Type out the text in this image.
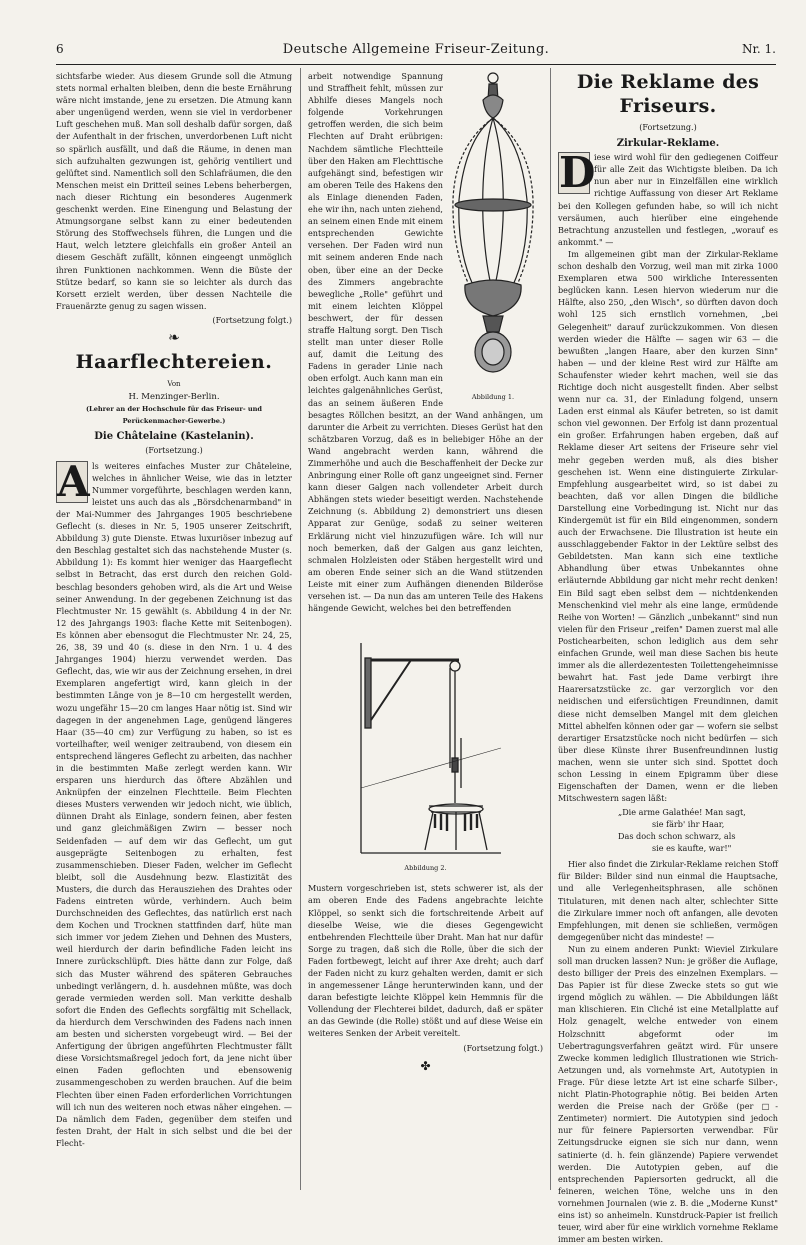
6	Deutsche Allgemeine Friseur-Zeitung.	Nr. 1.

sichtsfarbe wieder. Aus diesem Grunde soll die Atmung stets normal erhalten bleiben, denn die beste Ernährung wäre nicht imstande, jene zu ersetzen. Die Atmung kann aber ungenügend werden, wenn sie viel in verdorbener Luft geschehen muß. Man soll deshalb dafür sorgen, daß der Aufenthalt in der frischen, unverdorbenen Luft nicht so spärlich ausfällt, und daß die Räume, in denen man sich aufzuhalten gezwungen ist, gehörig ventiliert und gelüftet sind. Namentlich soll den Schlafräumen, die den Menschen meist ein Dritteil seines Lebens beherbergen, nach dieser Richtung ein besonderes Augenmerk geschenkt werden. Eine Einengung und Belastung der Atmungsorgane selbst kann zu einer bedeutenden Störung des Stoffwechsels führen, die Lungen und die Haut, welch letztere gleichfalls ein großer Anteil an diesem Geschäft zufällt, können eingeengt unmöglich ihren Funktionen nachkommen. Wenn die Büste der Stütze bedarf, so kann sie so leichter als durch das Korsett erzielt werden, über dessen Nachteile die Frauenärzte genug zu sagen wissen.

(Fortsetzung folgt.)
❧
Haarflechtereien.
Von
H. Menzinger-Berlin.
(Lehrer an der Hochschule für das Friseur- und Perückenmacher-Gewerbe.)
Die Châtelaine (Kastelanin).
(Fortsetzung.)

A ls weiteres einfaches Muster zur Châteleine, welches in ähnlicher Weise, wie das in letzter Nummer vorgeführte, beschlagen werden kann, leistet uns auch das als „Börsdchenarmband" in der Mai-Nummer des Jahrganges 1905 beschriebene Geflecht (s. dieses in Nr. 5, 1905 unserer Zeitschrift, Abbildung 3) gute Dienste. Etwas luxuriöser inbezug auf den Beschlag gestaltet sich das nachstehende Muster (s. Abbildung 1): Es kommt hier weniger das Haargeflecht selbst in Betracht, das erst durch den reichen Gold-beschlag besonders gehoben wird, als die Art und Weise seiner Anwendung. In der gegebenen Zeichnung ist das Flechtmuster Nr. 15 gewählt (s. Abbildung 4 in der Nr. 12 des Jahrgangs 1903: flache Kette mit Seitenbogen). Es können aber ebensogut die Flechtmuster Nr. 24, 25, 26, 38, 39 und 40 (s. diese in den Nrn. 1 u. 4 des Jahrganges 1904) hierzu verwendet werden. Das Geflecht, das, wie wir aus der Zeichnung ersehen, in drei Exemplaren angefertigt wird, kann gleich in der bestimmten Länge von je 8—10 cm hergestellt werden, wozu ungefähr 15—20 cm langes Haar nötig ist. Sind wir dagegen in der angenehmen Lage, genügend längeres Haar (35—40 cm) zur Verfügung zu haben, so ist es vorteilhafter, weil weniger zeitraubend, von diesem ein entsprechend längeres Geflecht zu arbeiten, das nachher in die bestimmten Maße zerlegt werden kann. Wir ersparen uns hierdurch das öftere Abzählen und Anknüpfen der einzelnen Flechtteile. Beim Flechten dieses Musters verwenden wir jedoch nicht, wie üblich, dünnen Draht als Einlage, sondern feinen, aber festen und ganz gleichmäßigen Zwirn — besser noch Seidenfaden — auf dem wir das Geflecht, um gut ausgeprägte Seitenbogen zu erhalten, fest zusammenschieben. Dieser Faden, welcher im Geflecht bleibt, soll die Ausdehnung bezw. Elastizität des Musters, die durch das Herausziehen des Drahtes oder Fadens eintreten würde, verhindern. Auch beim Durchschneiden des Geflechtes, das natürlich erst nach dem Kochen und Trocknen stattfinden darf, hüte man sich immer vor jedem Ziehen und Dehnen des Musters, weil hierdurch der darin befindliche Faden leicht ins Innere zurückschlüpft. Dies hätte dann zur Folge, daß sich das Muster während des späteren Gebrauches unbedingt verlängern, d. h. ausdehnen müßte, was doch gerade vermieden werden soll. Man verkitte deshalb sofort die Enden des Geflechts sorgfältig mit Schellack, da hierdurch dem Verschwinden des Fadens nach innen am besten und sichersten vorgebeugt wird. — Bei der Anfertigung der übrigen angeführten Flechtmuster fällt diese Vorsichtsmaßregel jedoch fort, da jene nicht über einen Faden geflochten und ebensowenig zusammengeschoben zu werden brauchen. Auf die beim Flechten über einen Faden erforderlichen Vorrichtungen will ich nun des weiteren noch etwas näher eingehen. — Da nämlich dem Faden, gegenüber dem steifen und festen Draht, der Halt in sich selbst und die bei der Flecht-

Abbildung 1.
arbeit notwendige Spannung und Straffheit fehlt, müssen zur Abhilfe dieses Mangels noch folgende Vorkehrungen getroffen werden, die sich beim Flechten auf Draht erübrigen: Nachdem sämtliche Flechtteile über den Haken am Flechttische aufgehängt sind, befestigen wir am oberen Teile des Hakens den als Einlage dienenden Faden, ehe wir ihn, nach unten ziehend, an seinem einen Ende mit einem entsprechenden Gewichte versehen. Der Faden wird nun mit seinem anderen Ende nach oben, über eine an der Decke des Zimmers angebrachte bewegliche „Rolle" geführt und mit einem leichten Klöppel beschwert, der für dessen straffe Haltung sorgt. Den Tisch stellt man unter dieser Rolle auf, damit die Leitung des Fadens in gerader Linie nach oben erfolgt. Auch kann man ein leichtes galgenähnliches Gerüst, das an seinem äußeren Ende besagtes Röllchen besitzt, an der Wand anhängen, um darunter die Arbeit zu verrichten. Dieses Gerüst hat den schätzbaren Vorzug, daß es in beliebiger Höhe an der Wand angebracht werden kann, während die Zimmerhöhe und auch die Beschaffenheit der Decke zur Anbringung einer Rolle oft ganz ungeeignet sind. Ferner kann dieser Galgen nach vollendeter Arbeit durch Abhängen stets wieder beseitigt werden. Nachstehende Zeichnung (s. Abbildung 2) demonstriert uns diesen Apparat zur Genüge, sodaß zu seiner weiteren Erklärung nicht viel hinzuzufügen wäre. Ich will nur noch bemerken, daß der Galgen aus ganz leichten, schmalen Holzleisten oder Stäben hergestellt wird und am oberen Ende seiner sich an die Wand stützenden Leiste mit einer zum Aufhängen dienenden Bilderöse versehen ist. — Da nun das am unteren Teile des Hakens hängende Gewicht, welches bei den betreffenden

Abbildung 2.

Mustern vorgeschrieben ist, stets schwerer ist, als der am oberen Ende des Fadens angebrachte leichte Klöppel, so senkt sich die fortschreitende Arbeit auf dieselbe Weise, wie die dieses Gegengewicht entbehrenden Flechtteile über Draht. Man hat nur dafür Sorge zu tragen, daß sich die Rolle, über die sich der Faden fortbewegt, leicht auf ihrer Axe dreht; auch darf der Faden nicht zu kurz gehalten werden, damit er sich in angemessener Länge herunterwinden kann, und der daran befestigte leichte Klöppel kein Hemmnis für die Vollendung der Flechterei bildet, dadurch, daß er später an das Gewinde (die Rolle) stößt und auf diese Weise ein weiteres Senken der Arbeit vereitelt.

(Fortsetzung folgt.)
✤
Die Reklame des Friseurs.
(Fortsetzung.)
Zirkular-Reklame.

D
iese wird wohl für den gediegenen Coiffeur für alle Zeit das Wichtigste bleiben. Da ich nun aber nur in Einzelfällen eine wirklich richtige Auffassung von dieser Art Reklame bei den Kollegen gefunden habe, so will ich nicht versäumen, auch hierüber eine eingehende Betrachtung anzustellen und festlegen, „worauf es ankommt." —

Im allgemeinen gibt man der Zirkular-Reklame schon deshalb den Vorzug, weil man mit zirka 1000 Exemplaren etwa 500 wirkliche Interessenten beglücken kann. Lesen hiervon wiederum nur die Hälfte, also 250, „den Wisch", so dürften davon doch wohl 125 sich ernstlich vornehmen, „bei Gelegenheit" darauf zurückzukommen. Von diesen werden wieder die Hälfte — sagen wir 63 — die bewußten „langen Haare, aber den kurzen Sinn" haben — und der kleine Rest wird zur Hälfte am Schaufenster wieder kehrt machen, weil sie das Richtige doch nicht ausgestellt finden. Aber selbst wenn nur ca. 31, der Einladung folgend, unsern Laden erst einmal als Käufer betreten, so ist damit schon viel gewonnen. Der Erfolg ist dann prozentual ein großer. Erfahrungen haben ergeben, daß auf Reklame dieser Art seitens der Friseure sehr viel mehr gegeben werden muß, als dies bisher geschehen ist. Wenn eine distinguierte Zirkular-Empfehlung ausgearbeitet wird, so ist dabei zu beachten, daß vor allen Dingen die bildliche Darstellung eine Vorbedingung ist. Nicht nur das Kindergemüt ist für ein Bild eingenommen, sondern auch der Erwachsene. Die Illustration ist heute ein ausschlaggebender Faktor in der Lektüre selbst des Gebildetsten. Man kann sich eine textliche Abhandlung über etwas Unbekanntes ohne erläuternde Abbildung gar nicht mehr recht denken! Ein Bild sagt eben selbst dem — nichtdenkenden Menschenkind viel mehr als eine lange, ermüdende Reihe von Worten! — Gänzlich „unbekannt" sind nun vielen für den Friseur „reifen" Damen zuerst mal alle Postichearbeiten, schon lediglich aus dem sehr einfachen Grunde, weil man diese Sachen bis heute immer als die allerdezentesten Toilettengeheimnisse bewahrt hat. Fast jede Dame verbirgt ihre Haarersatzstücke zc. gar verzorglich vor den neidischen und eifersüchtigen Freundinnen, damit diese nicht demselben Mangel mit dem gleichen Mittel abhelfen können oder gar — wofern sie selbst derartiger Ersatzstücke noch nicht bedürfen — sich über diese Künste ihrer Busenfreundinnen lustig machen, wenn sie unter sich sind. Spottet doch schon Lessing in einem Epigramm über diese Eigenschaften der Damen, wenn er die lieben Mitschwestern sagen läßt:

„Die arme Galathée! Man sagt,
sie färb' ihr Haar,
Das doch schon schwarz, als
sie es kaufte, war!"

Hier also findet die Zirkular-Reklame reichen Stoff für Bilder: Bilder sind nun einmal die Hauptsache, und alle Verlegenheitsphrasen, alle schönen Titulaturen, mit denen nach alter, schlechter Sitte die Zirkulare immer noch oft anfangen, alle devoten Empfehlungen, mit denen sie schließen, vermögen demgegenüber nicht das mindeste! —

Nun zu einem anderen Punkt: Wieviel Zirkulare soll man drucken lassen? Nun: je größer die Auflage, desto billiger der Preis des einzelnen Exemplars. — Das Papier ist für diese Zwecke stets so gut wie irgend möglich zu wählen. — Die Abbildungen läßt man klischieren. Ein Cliché ist eine Metallplatte auf Holz genagelt, welche entweder von einem Holzschnitt abgeformt oder im Uebertragungsverfahren geätzt wird. Für unsere Zwecke kommen lediglich Illustrationen wie Strich-Aetzungen und, als vornehmste Art, Autotypien in Frage. Für diese letzte Art ist eine scharfe Silber-, nicht Platin-Photographie nötig. Bei beiden Arten werden die Preise nach der Größe (per □-Zentimeter) normiert. Die Autotypien sind jedoch nur für feinere Papiersorten verwendbar. Für Zeitungsdrucke eignen sie sich nur dann, wenn satinierte (d. h. fein glänzende) Papiere verwendet werden. Die Autotypien geben, auf die entsprechenden Papiersorten gedruckt, all die feineren, weichen Töne, welche uns in den vornehmen Journalen (wie z. B. die „Moderne Kunst" eins ist) so anheimeln. Kunstdruck-Papier ist freilich teuer, wird aber für eine wirklich vornehme Reklame immer am besten wirken.
